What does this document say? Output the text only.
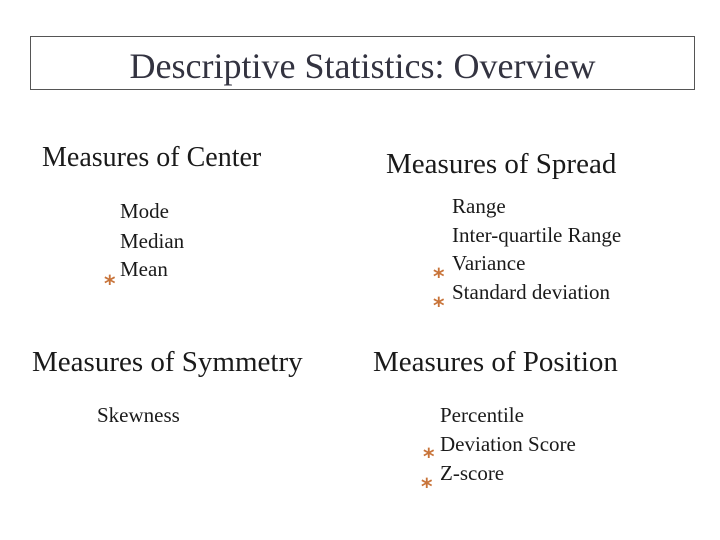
Descriptive Statistics: Overview
Measures of Center
Mode
Median
Mean
*
Measures of Spread
Range
Inter-quartile Range
Variance
Standard deviation
*
*
Measures of Symmetry
Skewness
Measures of Position
Percentile
Deviation Score
Z-score
*
*
